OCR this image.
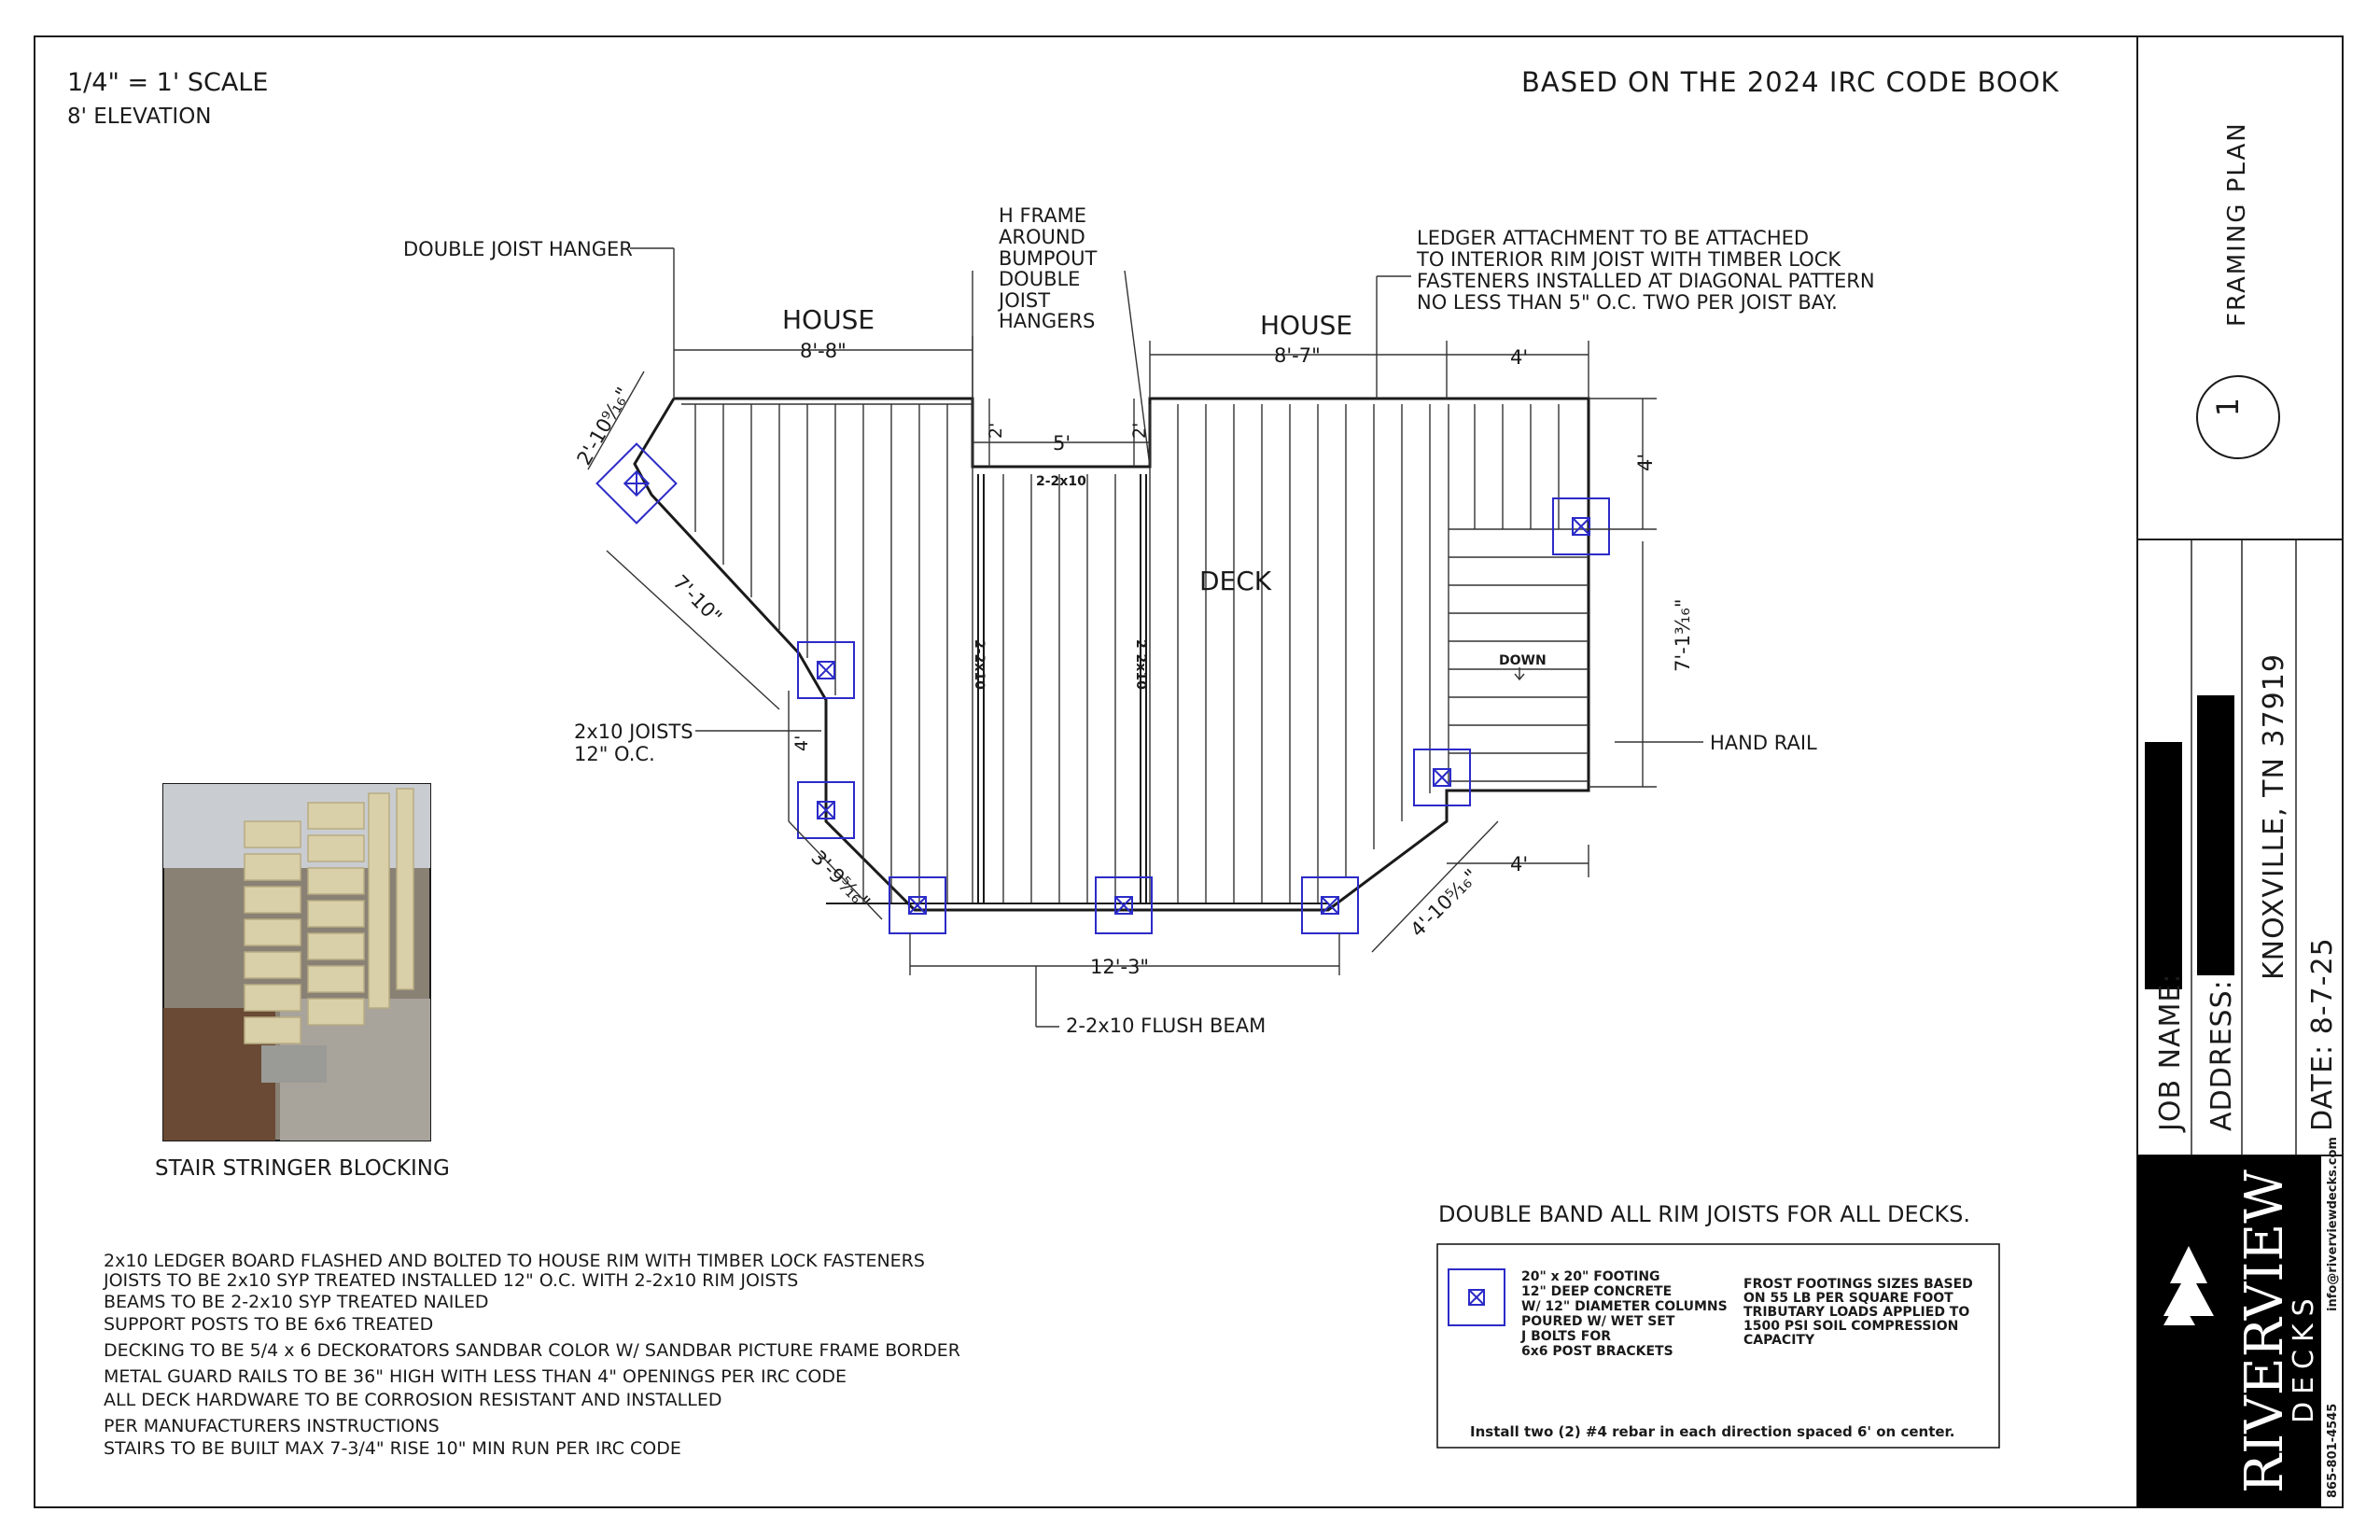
1/4" = 1' SCALE
8' ELEVATION
BASED ON THE 2024 IRC CODE BOOK
HOUSE	HOUSE
DECK
DOWN
2-2x10
2-2x10	2-2x10
8'-8"	8'-7"	4'
5'
2'	2'
2'-10⁹⁄₁₆"
7'-10"
4'
3'-9⁵⁄₁₆"
12'-3"
4'-10⁵⁄₁₆"
4'
4'
7'-1³⁄₁₆"
DOUBLE JOIST HANGER
H FRAME
AROUND
BUMPOUT
DOUBLE
JOIST
HANGERS
LEDGER ATTACHMENT TO BE ATTACHED
TO INTERIOR RIM JOIST WITH TIMBER LOCK
FASTENERS INSTALLED AT DIAGONAL PATTERN
NO LESS THAN 5" O.C. TWO PER JOIST BAY.
2x10 JOISTS
12" O.C.	HAND RAIL
2-2x10 FLUSH BEAM
STAIR STRINGER BLOCKING
2x10 LEDGER BOARD FLASHED AND BOLTED TO HOUSE RIM WITH TIMBER LOCK FASTENERS
JOISTS TO BE 2x10 SYP TREATED INSTALLED 12" O.C. WITH 2-2x10 RIM JOISTS
BEAMS TO BE 2-2x10 SYP TREATED NAILED
SUPPORT POSTS TO BE 6x6 TREATED
DECKING TO BE 5/4 x 6 DECKORATORS SANDBAR COLOR W/ SANDBAR PICTURE FRAME BORDER
METAL GUARD RAILS TO BE 36" HIGH WITH LESS THAN 4" OPENINGS PER IRC CODE
ALL DECK HARDWARE TO BE CORROSION RESISTANT AND INSTALLED
PER MANUFACTURERS INSTRUCTIONS
STAIRS TO BE BUILT MAX 7-3/4" RISE 10" MIN RUN PER IRC CODE
DOUBLE BAND ALL RIM JOISTS FOR ALL DECKS.
20" x 20" FOOTING
12" DEEP CONCRETE
W/ 12" DIAMETER COLUMNS
POURED W/ WET SET
J BOLTS FOR
6x6 POST BRACKETS
FROST FOOTINGS SIZES BASED
ON 55 LB PER SQUARE FOOT
TRIBUTARY LOADS APPLIED TO
1500 PSI SOIL COMPRESSION
CAPACITY
Install two (2) #4 rebar in each direction spaced 6' on center.
FRAMING PLAN
1
JOB NAME: ADDRESS:
KNOXVILLE, TN 37919
DATE: 8-7-25
RIVERVIEW
DECKS
865-801-4545
info@riverviewdecks.com
